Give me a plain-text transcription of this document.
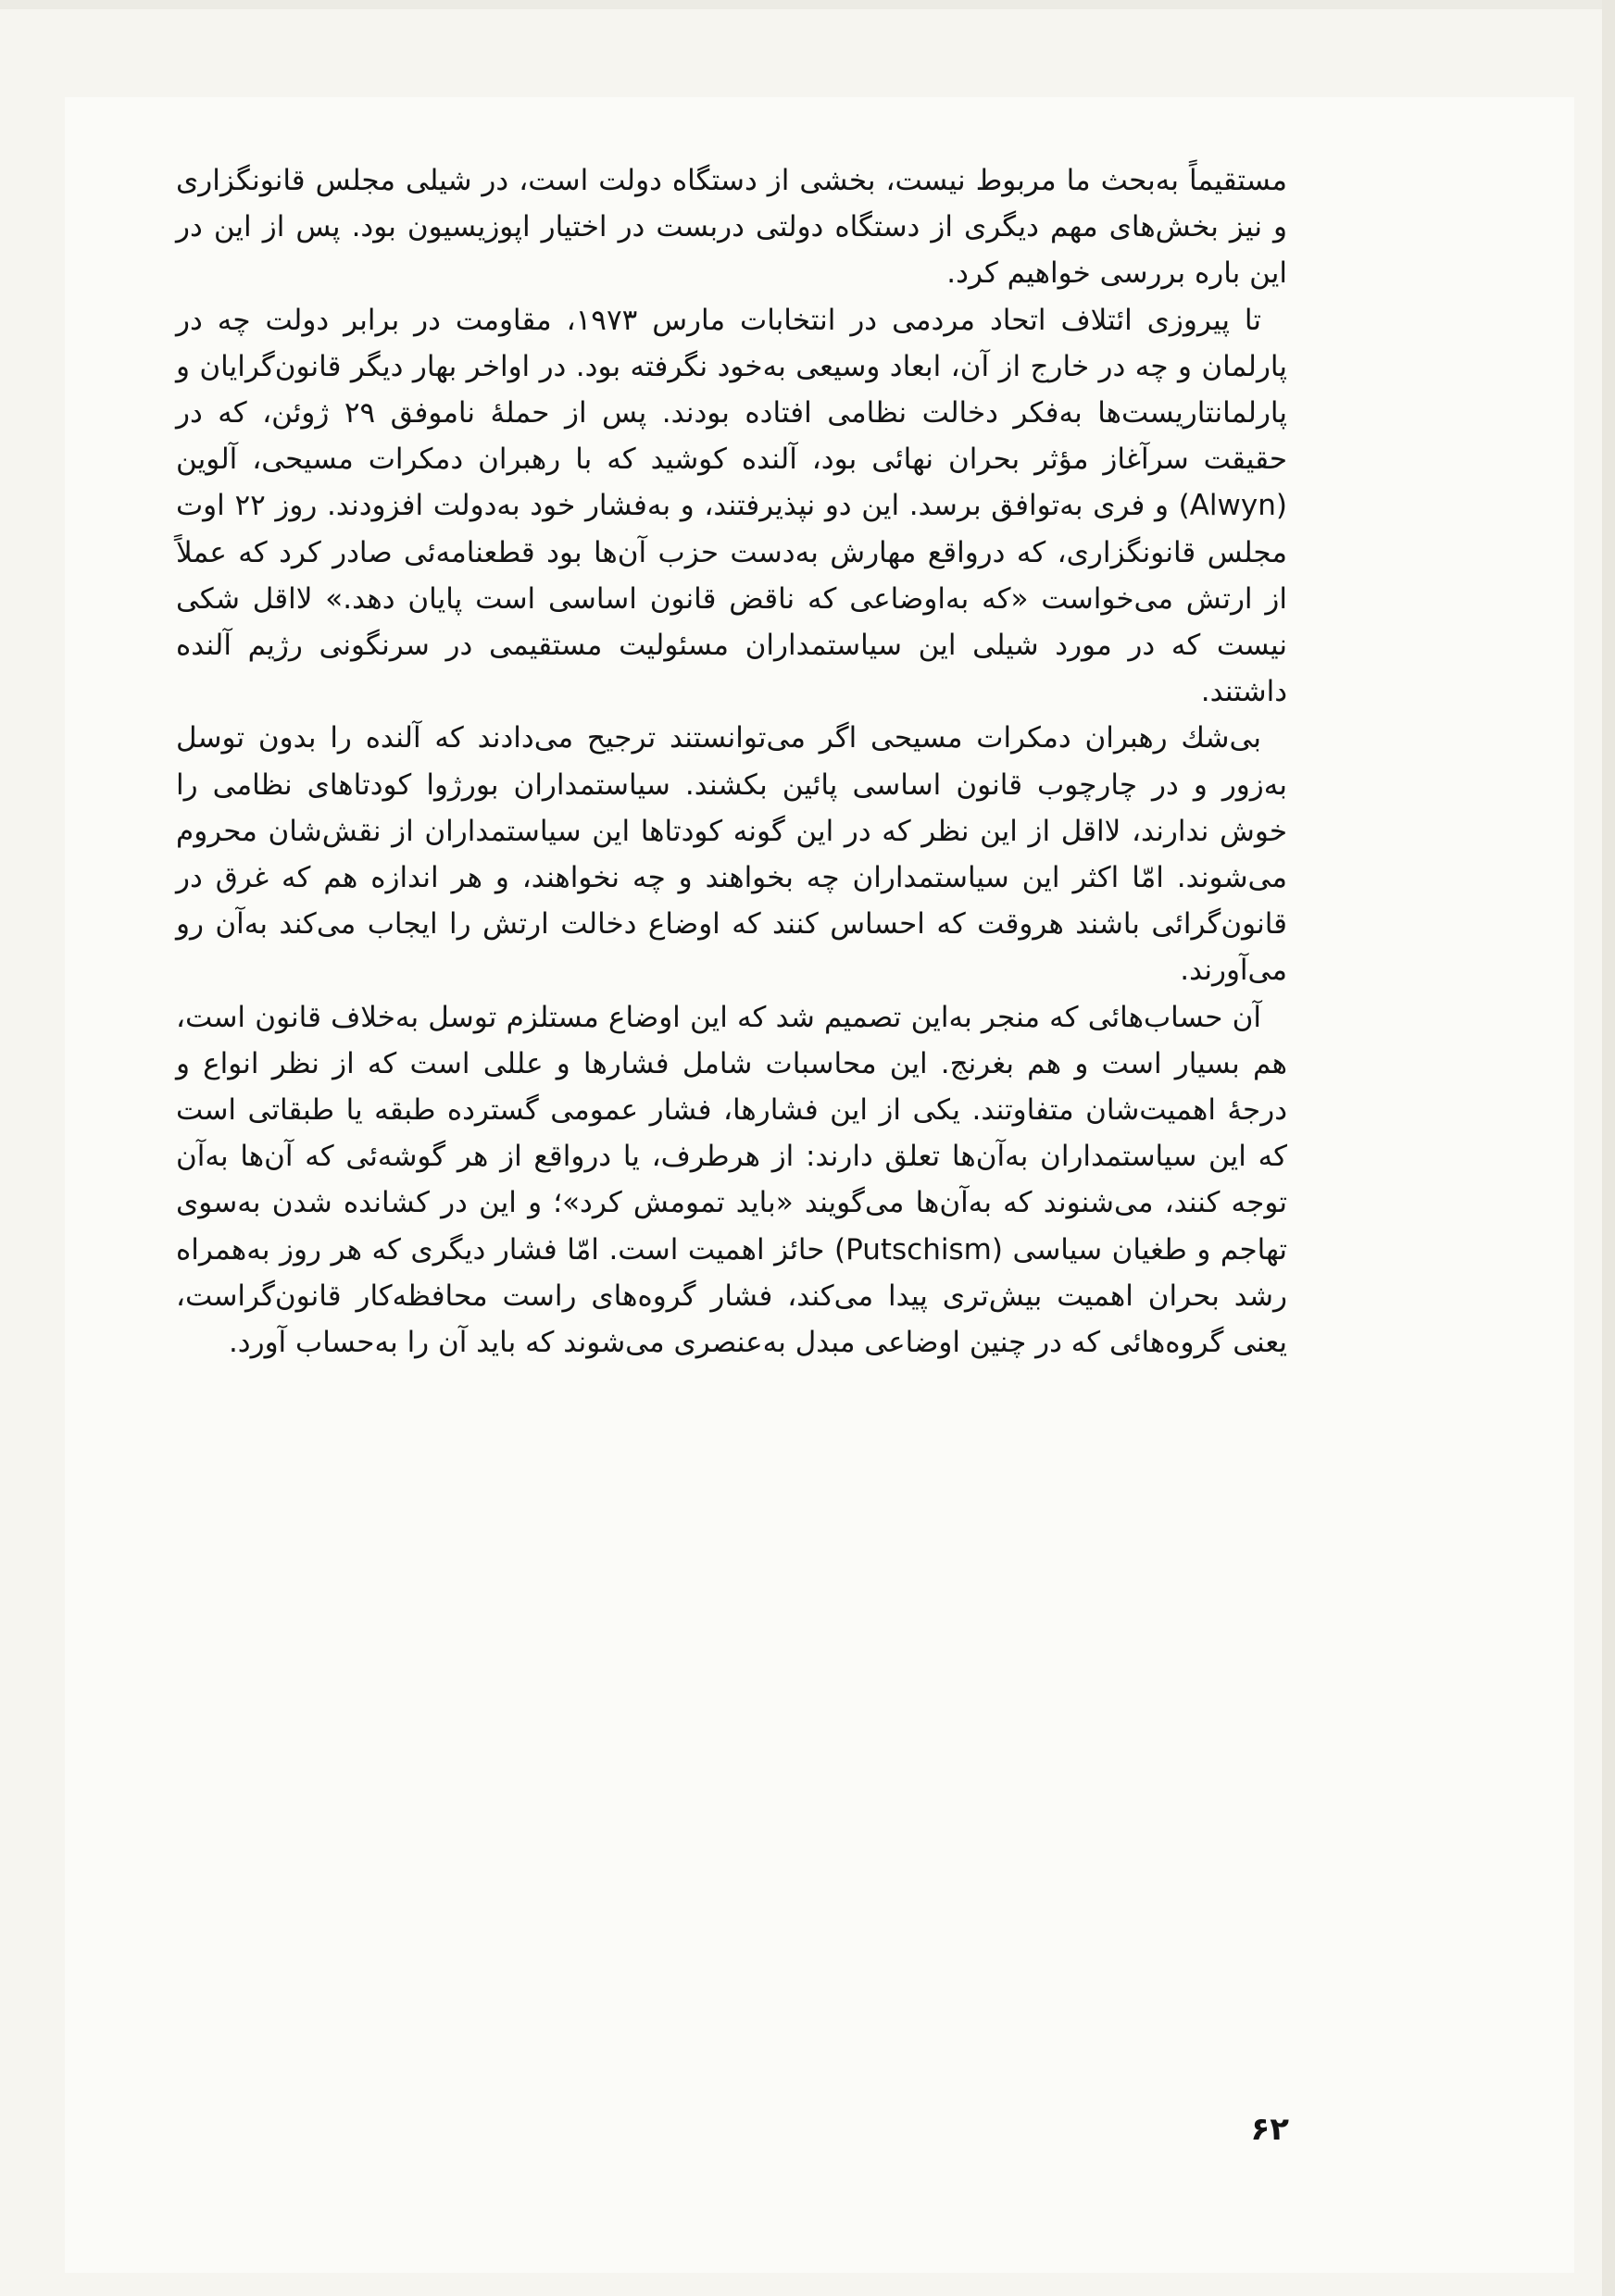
مستقیماً به‌بحث ما مربوط نیست، بخشی از دستگاه دولت است، در شیلی مجلس قانونگزاری و نیز بخش‌های مهم دیگری از دستگاه دولتی دربست در اختیار اپوزیسیون بود. پس از این در این باره بررسی خواهیم کرد.

تا پیروزی ائتلاف اتحاد مردمی در انتخابات مارس ۱۹۷۳، مقاومت در برابر دولت چه در پارلمان و چه در خارج از آن، ابعاد وسیعی به‌خود نگرفته بود. در اواخر بهار دیگر قانون‌گرایان و پارلمانتاریست‌ها به‌فکر دخالت نظامی افتاده بودند. پس از حملهٔ ناموفق ۲۹ ژوئن، که در حقیقت سرآغاز مؤثر بحران نهائی بود، آلنده کوشید که با رهبران دمکرات مسیحی، آلوین (Alwyn) و فری به‌توافق برسد. این دو نپذیرفتند، و به‌فشار خود به‌دولت افزودند. روز ۲۲ اوت مجلس قانونگزاری، که درواقع مهارش به‌دست حزب آن‌ها بود قطعنامه‌ئی صادر کرد که عملاً از ارتش می‌خواست «که به‌اوضاعی که ناقض قانون اساسی است پایان دهد.» لااقل شکی نیست که در مورد شیلی این سیاستمداران مسئولیت مستقیمی در سرنگونی رژیم آلنده داشتند.

بی‌شك رهبران دمکرات مسیحی اگر می‌توانستند ترجیح می‌دادند که آلنده را بدون توسل به‌زور و در چارچوب قانون اساسی پائین بکشند. سیاستمداران بورژوا کودتاهای نظامی را خوش ندارند، لااقل از این نظر که در این گونه کودتاها این سیاستمداران از نقش‌شان محروم می‌شوند. امّا اکثر این سیاستمداران چه بخواهند و چه نخواهند، و هر اندازه هم که غرق در قانون‌گرائی باشند هروقت که احساس کنند که اوضاع دخالت ارتش را ایجاب می‌کند به‌آن رو می‌آورند.

آن حساب‌هائی که منجر به‌این تصمیم شد که این اوضاع مستلزم توسل به‌خلاف قانون است، هم بسیار است و هم بغرنج. این محاسبات شامل فشارها و عللی است که از نظر انواع و درجهٔ اهمیت‌شان متفاوتند. یکی از این فشارها، فشار عمومی گسترده طبقه یا طبقاتی است که این سیاستمداران به‌آن‌ها تعلق دارند: از هرطرف، یا درواقع از هر گوشه‌ئی که آن‌ها به‌آن توجه کنند، می‌شنوند که به‌آن‌ها می‌گویند «باید تمومش کرد»؛ و این در کشانده شدن به‌سوی تهاجم و طغیان سیاسی (Putschism) حائز اهمیت است. امّا فشار دیگری که هر روز به‌همراه رشد بحران اهمیت بیش‌تری پیدا می‌کند، فشار گروه‌های راست محافظه‌کار قانون‌گراست، یعنی گروه‌هائی که در چنین اوضاعی مبدل به‌عنصری می‌شوند که باید آن را به‌حساب آورد.

۶۲
